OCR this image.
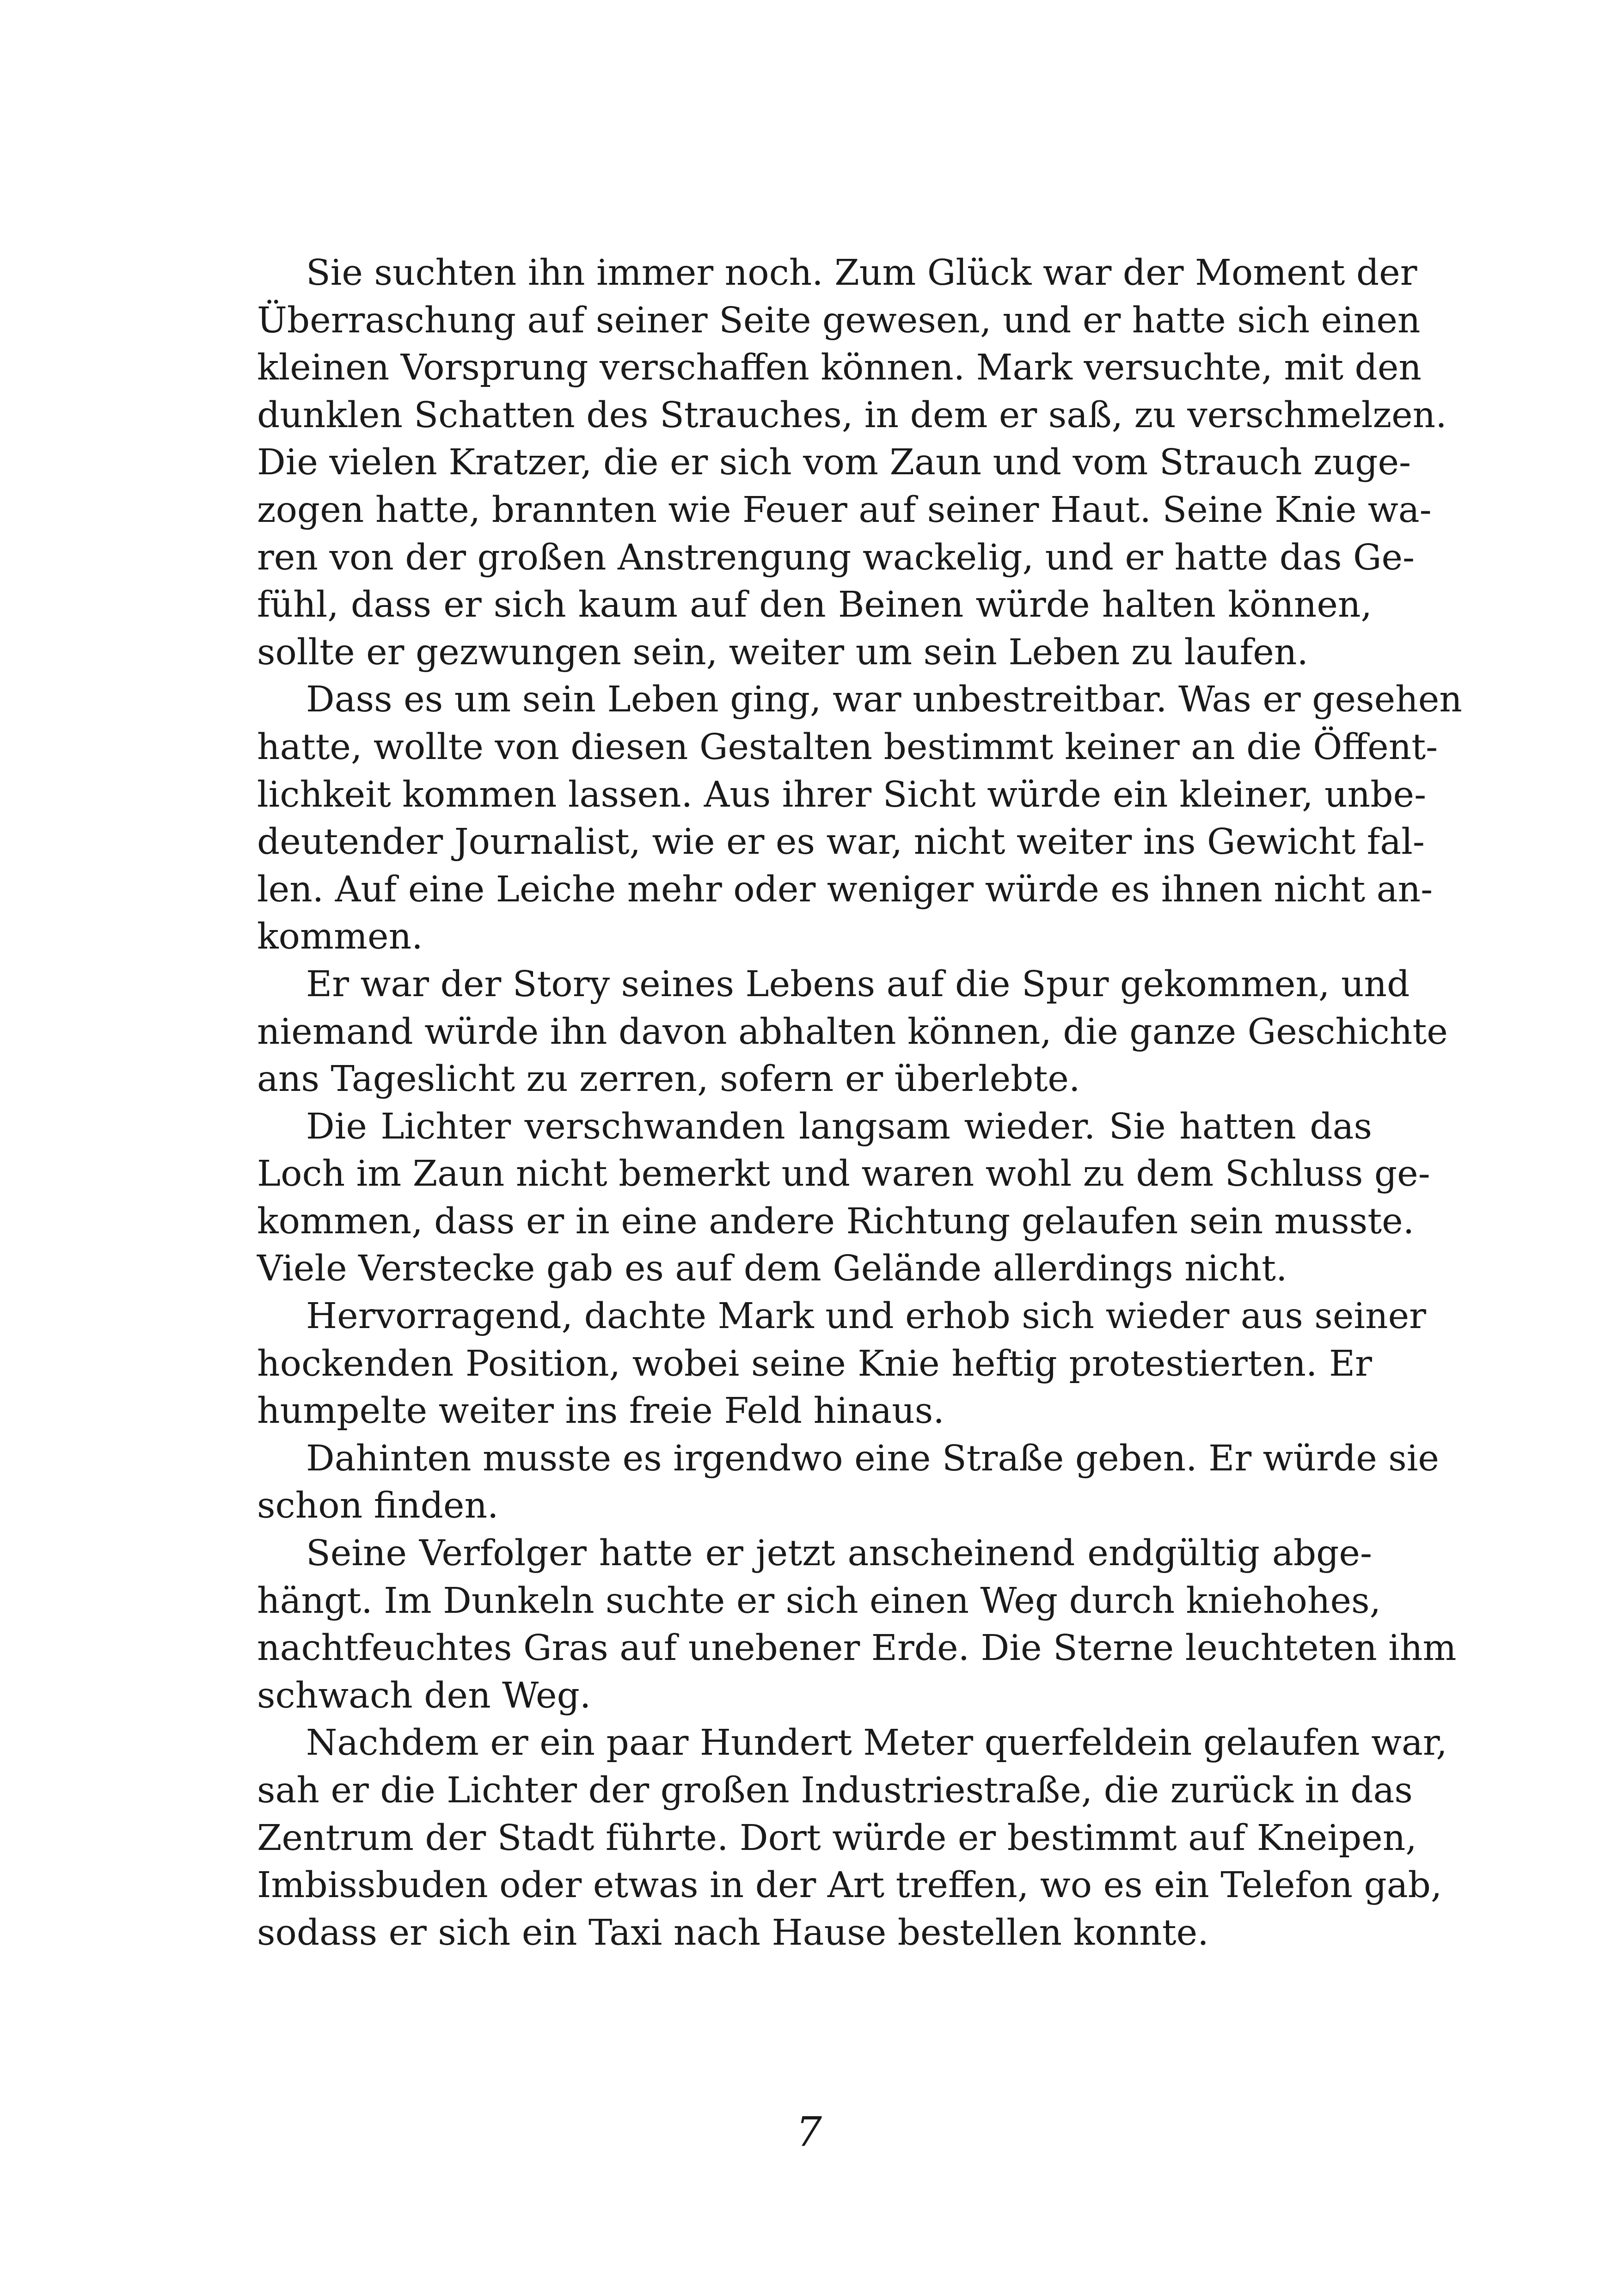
Sie suchten ihn immer noch. Zum Glück war der Moment der
Überraschung auf seiner Seite gewesen, und er hatte sich einen
kleinen Vorsprung verschaffen können. Mark versuchte, mit den
dunklen Schatten des Strauches, in dem er saß, zu verschmelzen.
Die vielen Kratzer, die er sich vom Zaun und vom Strauch zuge-
zogen hatte, brannten wie Feuer auf seiner Haut. Seine Knie wa-
ren von der großen Anstrengung wackelig, und er hatte das Ge-
fühl, dass er sich kaum auf den Beinen würde halten können,
sollte er gezwungen sein, weiter um sein Leben zu laufen.
Dass es um sein Leben ging, war unbestreitbar. Was er gesehen
hatte, wollte von diesen Gestalten bestimmt keiner an die Öffent-
lichkeit kommen lassen. Aus ihrer Sicht würde ein kleiner, unbe-
deutender Journalist, wie er es war, nicht weiter ins Gewicht fal-
len. Auf eine Leiche mehr oder weniger würde es ihnen nicht an-
kommen.
Er war der Story seines Lebens auf die Spur gekommen, und
niemand würde ihn davon abhalten können, die ganze Geschichte
ans Tageslicht zu zerren, sofern er überlebte.
Die Lichter verschwanden langsam wieder. Sie hatten das
Loch im Zaun nicht bemerkt und waren wohl zu dem Schluss ge-
kommen, dass er in eine andere Richtung gelaufen sein musste.
Viele Verstecke gab es auf dem Gelände allerdings nicht.
Hervorragend, dachte Mark und erhob sich wieder aus seiner
hockenden Position, wobei seine Knie heftig protestierten. Er
humpelte weiter ins freie Feld hinaus.
Dahinten musste es irgendwo eine Straße geben. Er würde sie
schon finden.
Seine Verfolger hatte er jetzt anscheinend endgültig abge-
hängt. Im Dunkeln suchte er sich einen Weg durch kniehohes,
nachtfeuchtes Gras auf unebener Erde. Die Sterne leuchteten ihm
schwach den Weg.
Nachdem er ein paar Hundert Meter querfeldein gelaufen war,
sah er die Lichter der großen Industriestraße, die zurück in das
Zentrum der Stadt führte. Dort würde er bestimmt auf Kneipen,
Imbissbuden oder etwas in der Art treffen, wo es ein Telefon gab,
sodass er sich ein Taxi nach Hause bestellen konnte.
7
